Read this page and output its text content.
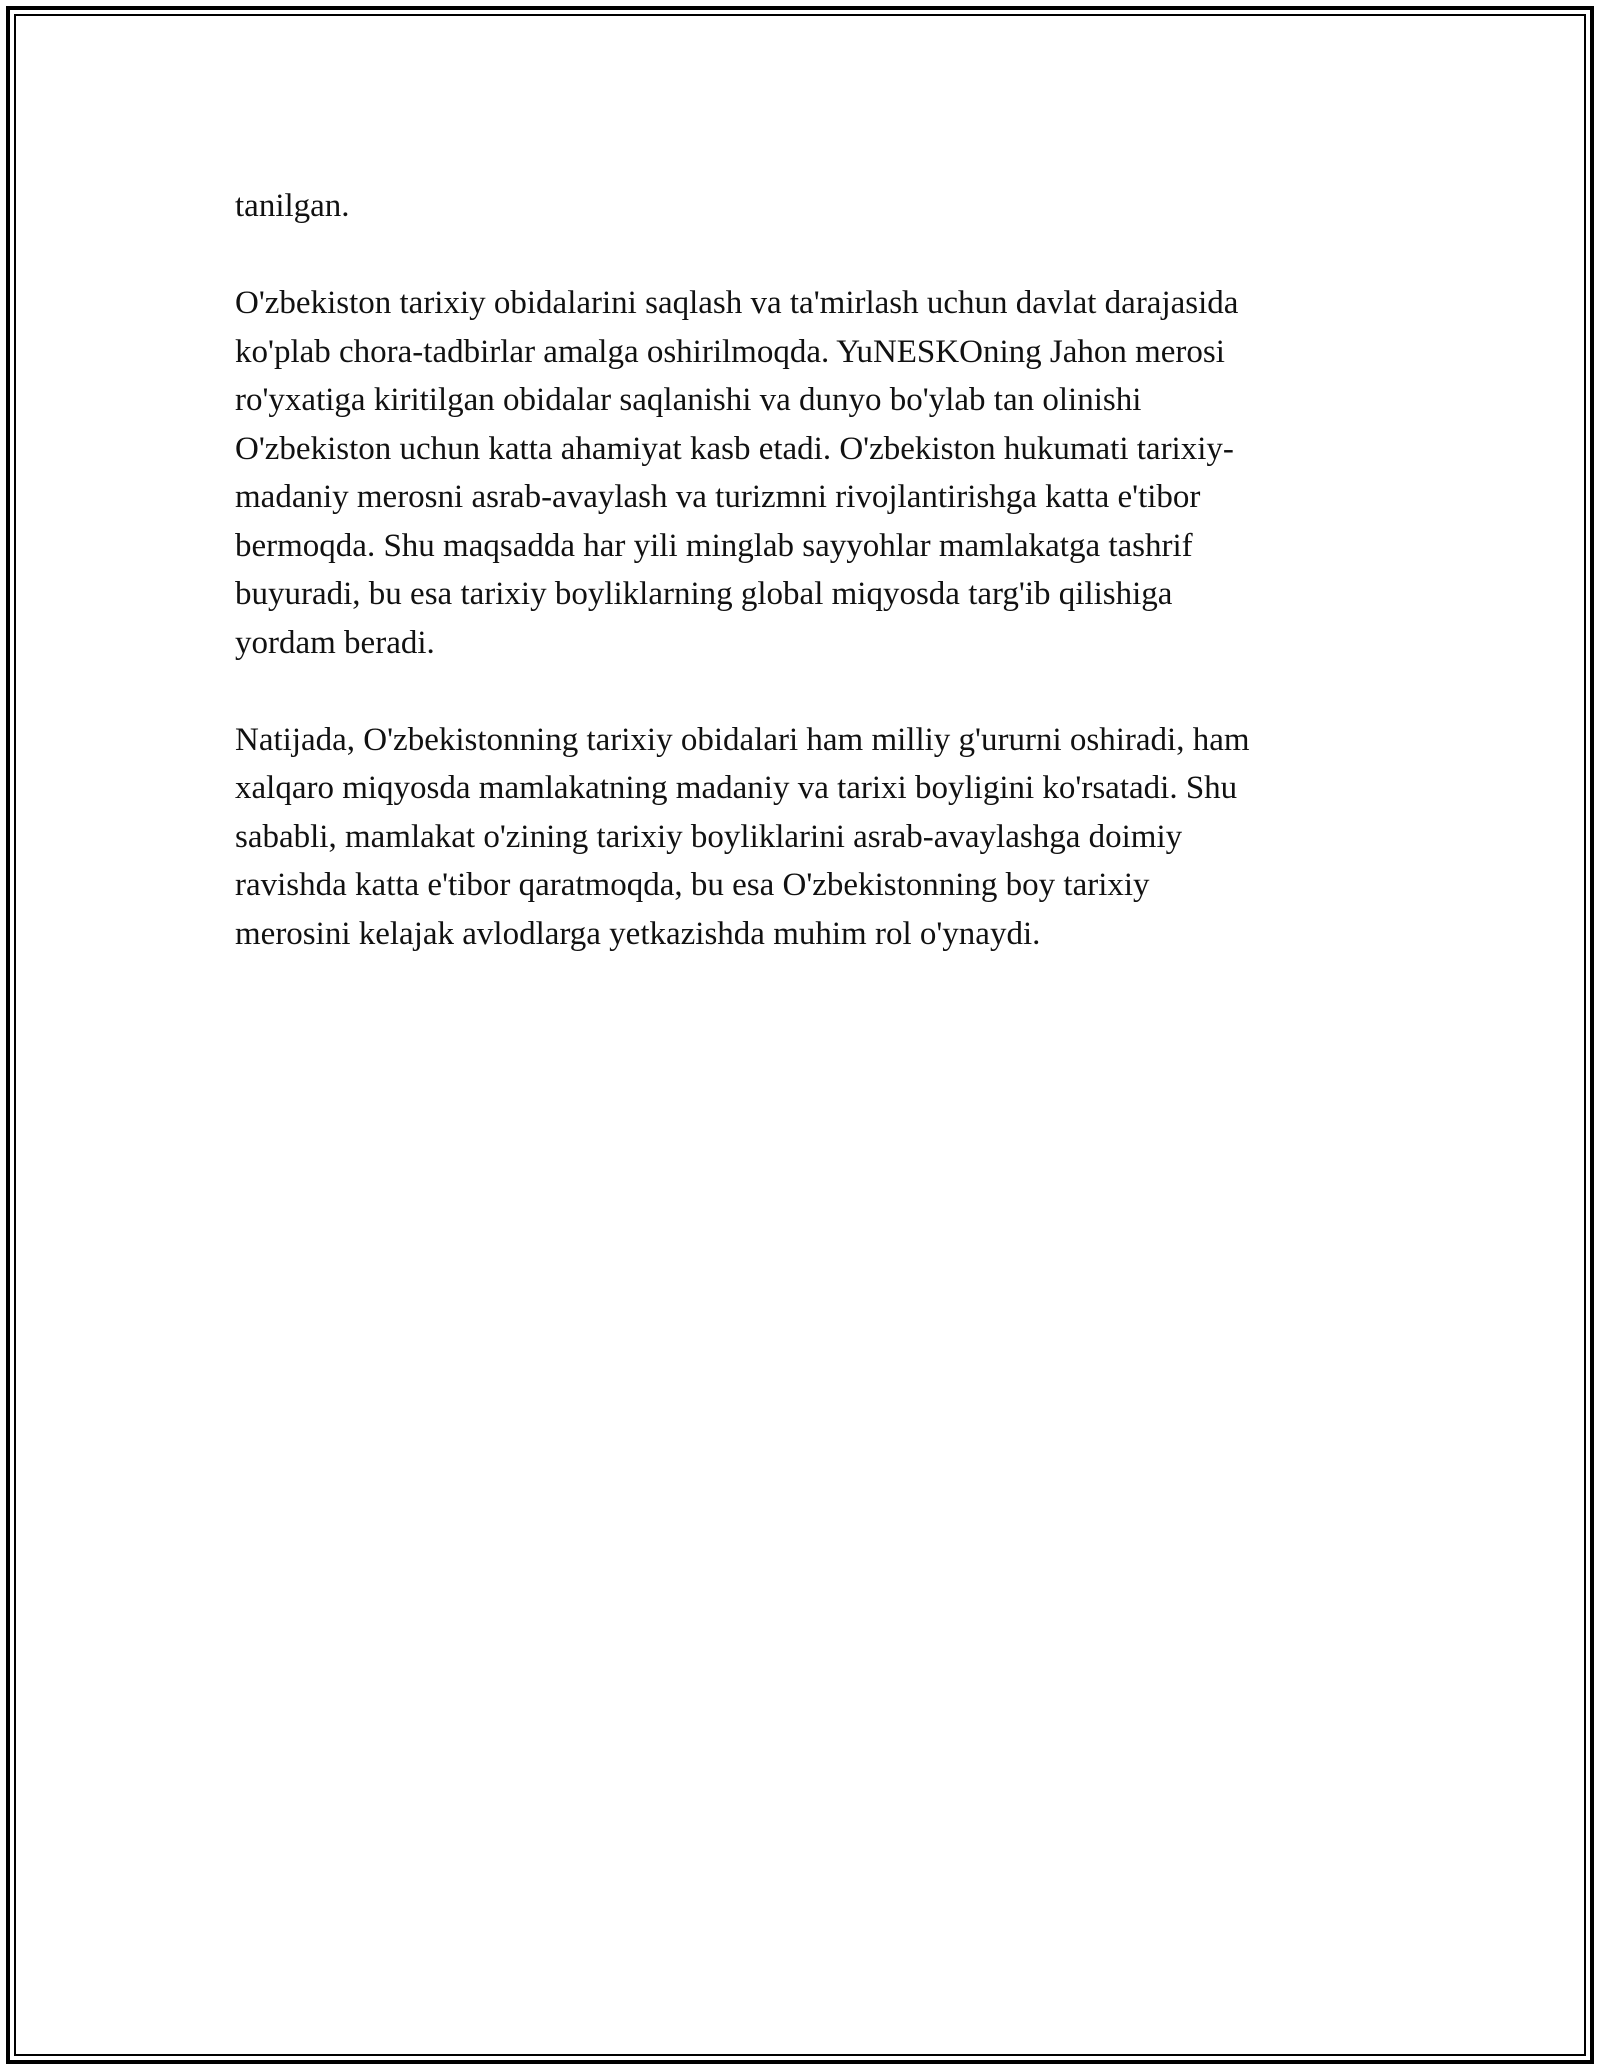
tanilgan.

O'zbekiston tarixiy obidalarini saqlash va ta'mirlash uchun davlat darajasida
ko'plab chora-tadbirlar amalga oshirilmoqda. YuNESKOning Jahon merosi
ro'yxatiga kiritilgan obidalar saqlanishi va dunyo bo'ylab tan olinishi
O'zbekiston uchun katta ahamiyat kasb etadi. O'zbekiston hukumati tarixiy-
madaniy merosni asrab-avaylash va turizmni rivojlantirishga katta e'tibor
bermoqda. Shu maqsadda har yili minglab sayyohlar mamlakatga tashrif
buyuradi, bu esa tarixiy boyliklarning global miqyosda targ'ib qilishiga
yordam beradi.

Natijada, O'zbekistonning tarixiy obidalari ham milliy g'ururni oshiradi, ham
xalqaro miqyosda mamlakatning madaniy va tarixi boyligini ko'rsatadi. Shu
sababli, mamlakat o'zining tarixiy boyliklarini asrab-avaylashga doimiy
ravishda katta e'tibor qaratmoqda, bu esa O'zbekistonning boy tarixiy
merosini kelajak avlodlarga yetkazishda muhim rol o'ynaydi.
